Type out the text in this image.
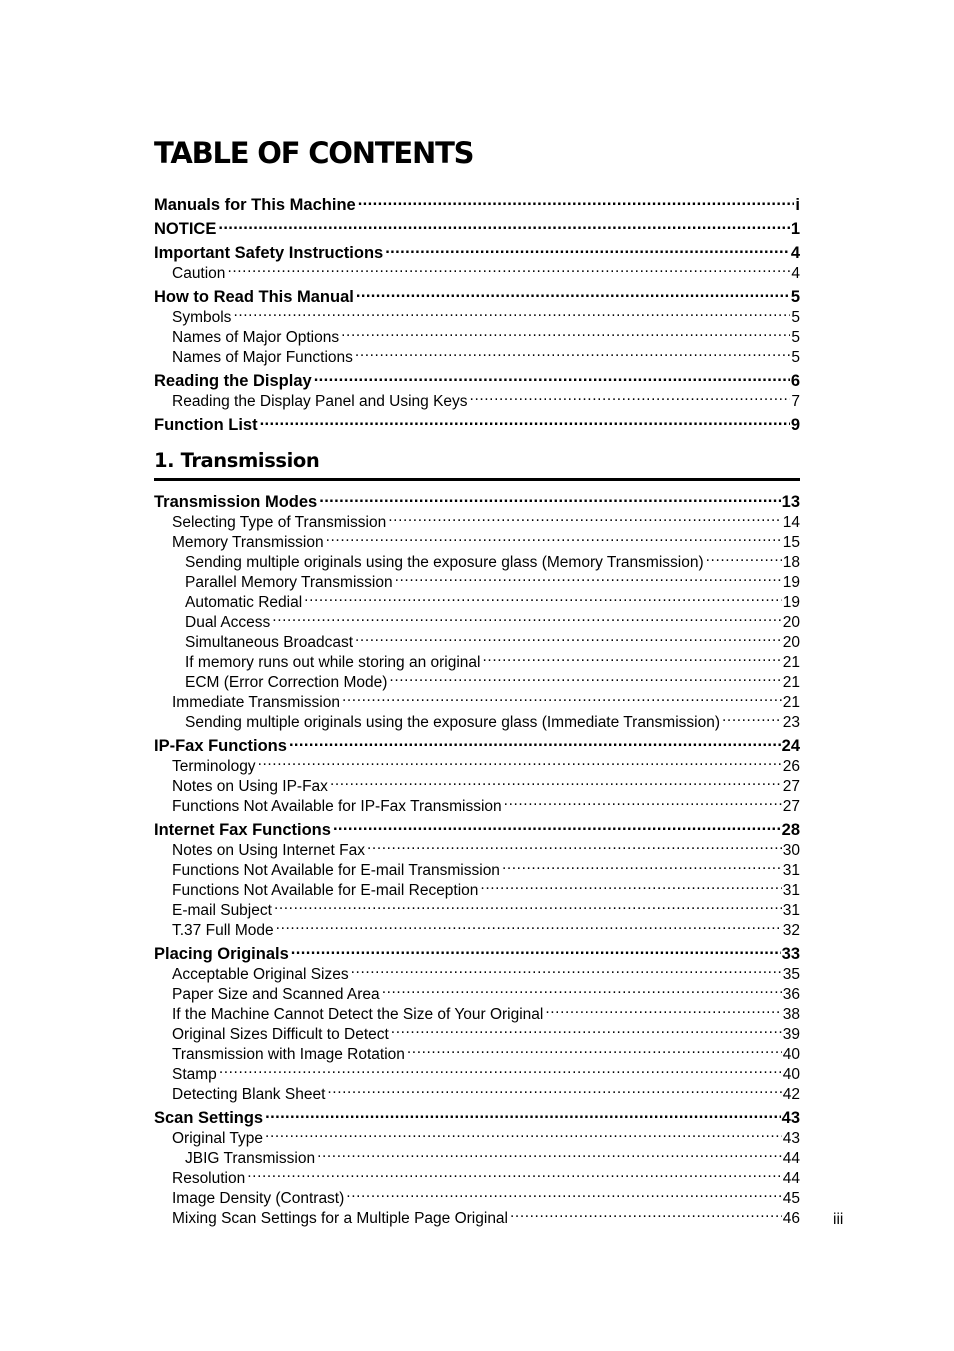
TABLE OF CONTENTS
Manuals for This Machine .....	i
NOTICE .....	1
Important Safety Instructions .....	4
Caution .....	4
How to Read This Manual .....	5
Symbols .....	5
Names of Major Options .....	5
Names of Major Functions .....	5
Reading the Display .....	6
Reading the Display Panel and Using Keys .....	7
Function List .....	9
1. Transmission
Transmission Modes .....	13
Selecting Type of Transmission .....	14
Memory Transmission .....	15
Sending multiple originals using the exposure glass (Memory Transmission) .....	18
Parallel Memory Transmission .....	19
Automatic Redial .....	19
Dual Access .....	20
Simultaneous Broadcast .....	20
If memory runs out while storing an original .....	21
ECM (Error Correction Mode) .....	21
Immediate Transmission .....	21
Sending multiple originals using the exposure glass (Immediate Transmission) .....	23
IP-Fax Functions .....	24
Terminology .....	26
Notes on Using IP-Fax .....	27
Functions Not Available for IP-Fax Transmission .....	27
Internet Fax Functions .....	28
Notes on Using Internet Fax .....	30
Functions Not Available for E-mail Transmission .....	31
Functions Not Available for E-mail Reception .....	31
E-mail Subject .....	31
T.37 Full Mode .....	32
Placing Originals .....	33
Acceptable Original Sizes .....	35
Paper Size and Scanned Area .....	36
If the Machine Cannot Detect the Size of Your Original .....	38
Original Sizes Difficult to Detect .....	39
Transmission with Image Rotation .....	40
Stamp .....	40
Detecting Blank Sheet .....	42
Scan Settings .....	43
Original Type .....	43
JBIG Transmission .....	44
Resolution .....	44
Image Density (Contrast) .....	45
Mixing Scan Settings for a Multiple Page Original .....	46 iii
